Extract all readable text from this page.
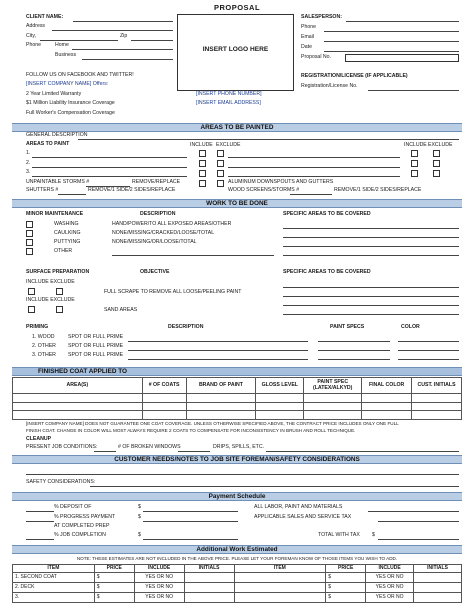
PROPOSAL
CLIENT NAME:
Address
City,	Zip
Phone	Home
Business
INSERT LOGO HERE
SALESPERSON:
Phone
Email
Date
Proposal No.
FOLLOW US ON FACEBOOK AND TWITTER!
[INSERT COMPANY NAME] Offers:
2 Year Limited Warranty
$1 Million Liability Insurance Coverage
Full Worker's Compensation Coverage
[INSERT PHONE NUMBER]
[INSERT EMAIL ADDRESS]
REGISTRATION/LICENSE (IF APPLICABLE)
Registration/License No.
AREAS TO BE PAINTED
GENERAL DESCRIPTION
AREAS TO PAINT	INCLUDE EXCLUDE	INCLUDE EXCLUDE
1.
2.
3.
UNPAINTABLE STORMS #	REMOVE/REPLACE	ALUMINUM DOWNSPOUTS AND GUTTERS
SHUTTERS #	REMOVE/1 SIDE/2 SIDES/REPLACE	WOOD SCREENS/STORMS #	REMOVE/1 SIDE/2 SIDES/REPLACE
WORK TO BE DONE
MINOR MAINTENANCE	DESCRIPTION	SPECIFIC AREAS TO BE COVERED
WASHING	HAND/POWER/TO ALL EXPOSED AREAS/OTHER
CAULKING	NONE/MISSING/CRACKED/LOOSE/TOTAL
PUTTYING	NONE/MISSING/OR/LOOSE/TOTAL
OTHER
SURFACE PREPARATION	OBJECTIVE	SPECIFIC AREAS TO BE COVERED
INCLUDE EXCLUDE
FULL SCRAPE TO REMOVE ALL LOOSE/PEELING PAINT
INCLUDE EXCLUDE
SAND AREAS
PRIMING	DESCRIPTION	PAINT SPECS	COLOR
1. WOOD	SPOT OR FULL PRIME
2. OTHER SPOT OR FULL PRIME
3. OTHER SPOT OR FULL PRIME
FINISHED COAT APPLIED TO
AREA(S)	# OF COATS	BRAND OF PAINT	GLOSS LEVEL	PAINT SPEC (LATEX/ALKYD)	FINAL COLOR	CUST. INITIALS

[INSERT COMPANY NAME] DOES NOT GUARANTEE ONE COAT COVERAGE. UNLESS OTHERWISE SPECIFIED ABOVE, THE CONTRACT PRICE INCLUDES ONLY ONE FULL
FINISH COAT. CHANGE IN COLOR WILL MOST ALWAYS REQUIRE 2 COATS TO COMPENSATE FOR INCONSISTENCY IN BRUSH AND ROLL TECHNIQUE.
CLEANUP
PRESENT JOB CONDITIONS:	# OF BROKEN WINDOWS	DRIPS, SPILLS, ETC.
CUSTOMER NEEDS/NOTES TO JOB SITE FOREMAN/SAFETY CONSIDERATIONS
SAFETY CONSIDERATIONS:
Payment Schedule
% DEPOSIT OF	$	ALL LABOR, PAINT AND MATERIALS
% PROGRESS PAYMENT	$	APPLICABLE SALES AND SERVICE TAX
AT COMPLETED PREP
% JOB COMPLETION	$	TOTAL WITH TAX $
Additional Work Estimated
NOTE: THESE ESTIMATES ARE NOT INCLUDED IN THE ABOVE PRICE. PLEASE LET YOUR FOREMAN KNOW OF THOSE ITEMS YOU WISH TO ADD.
ITEM	PRICE	INCLUDE	INITIALS	ITEM	PRICE	INCLUDE	INITIALS
1. SECOND COAT	$	YES OR NO			$	YES OR NO	
2. DECK	$	YES OR NO			$	YES OR NO	
3.	$	YES OR NO			$	YES OR NO	
